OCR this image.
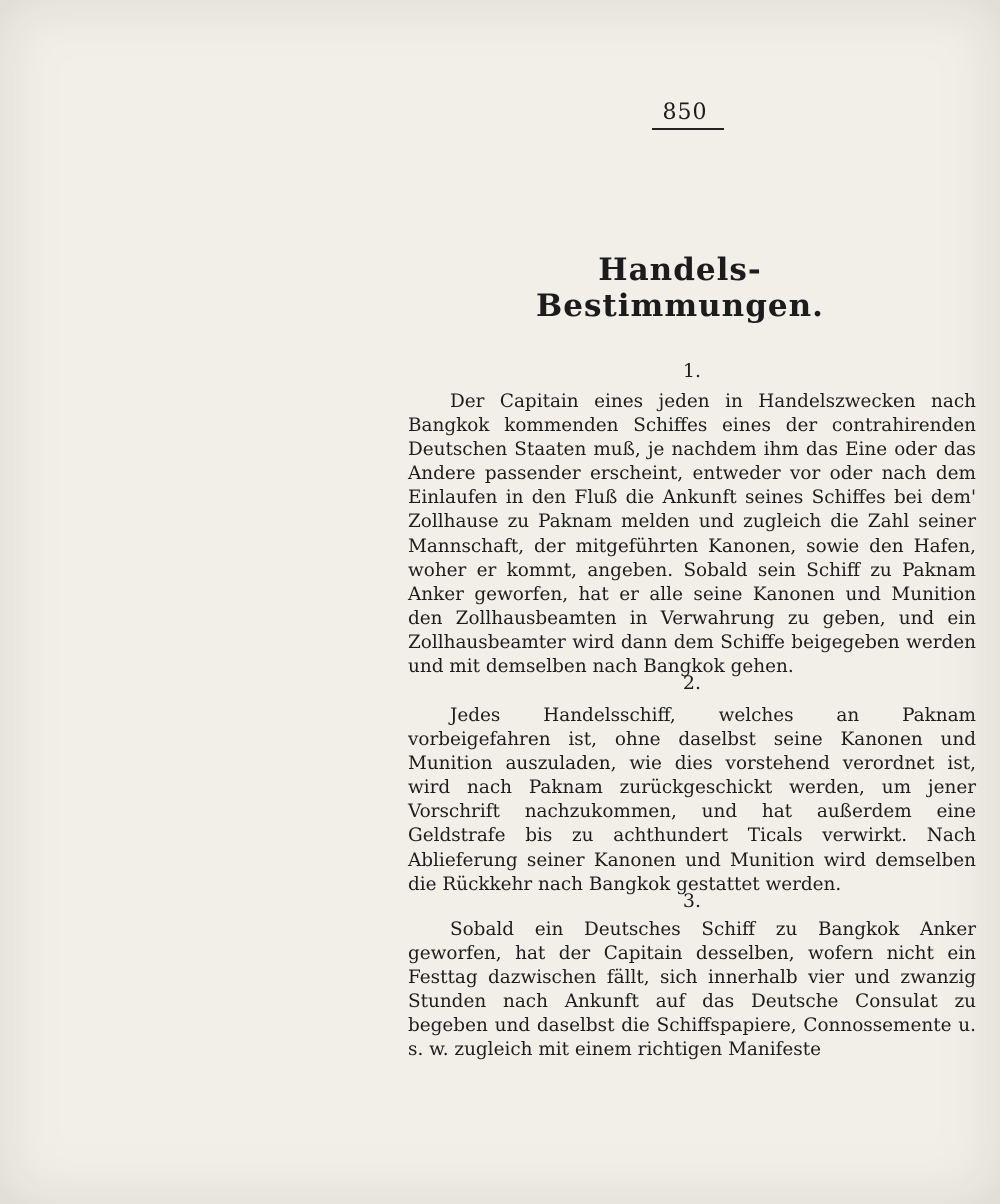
850
Handels-Bestimmungen.
1.

Der Capitain eines jeden in Handelszwecken nach Bangkok kommenden Schiffes eines der contrahirenden Deutschen Staaten muß, je nachdem ihm das Eine oder das Andere passender erscheint, entweder vor oder nach dem Einlaufen in den Fluß die Ankunft seines Schiffes bei dem' Zollhause zu Paknam melden und zugleich die Zahl seiner Mannschaft, der mitgeführten Kanonen, sowie den Hafen, woher er kommt, angeben. Sobald sein Schiff zu Paknam Anker geworfen, hat er alle seine Kanonen und Munition den Zollhausbeamten in Verwahrung zu geben, und ein Zollhausbeamter wird dann dem Schiffe beigegeben werden und mit demselben nach Bangkok gehen.

2.

Jedes Handelsschiff, welches an Paknam vorbeigefahren ist, ohne daselbst seine Kanonen und Munition auszuladen, wie dies vorstehend verordnet ist, wird nach Paknam zurückgeschickt werden, um jener Vorschrift nachzukommen, und hat außerdem eine Geldstrafe bis zu achthundert Ticals verwirkt. Nach Ablieferung seiner Kanonen und Munition wird demselben die Rückkehr nach Bangkok gestattet werden.

3.

Sobald ein Deutsches Schiff zu Bangkok Anker geworfen, hat der Capitain desselben, wofern nicht ein Festtag dazwischen fällt, sich innerhalb vier und zwanzig Stunden nach Ankunft auf das Deutsche Consulat zu begeben und daselbst die Schiffspapiere, Connossemente u. s. w. zugleich mit einem richtigen Manifeste
